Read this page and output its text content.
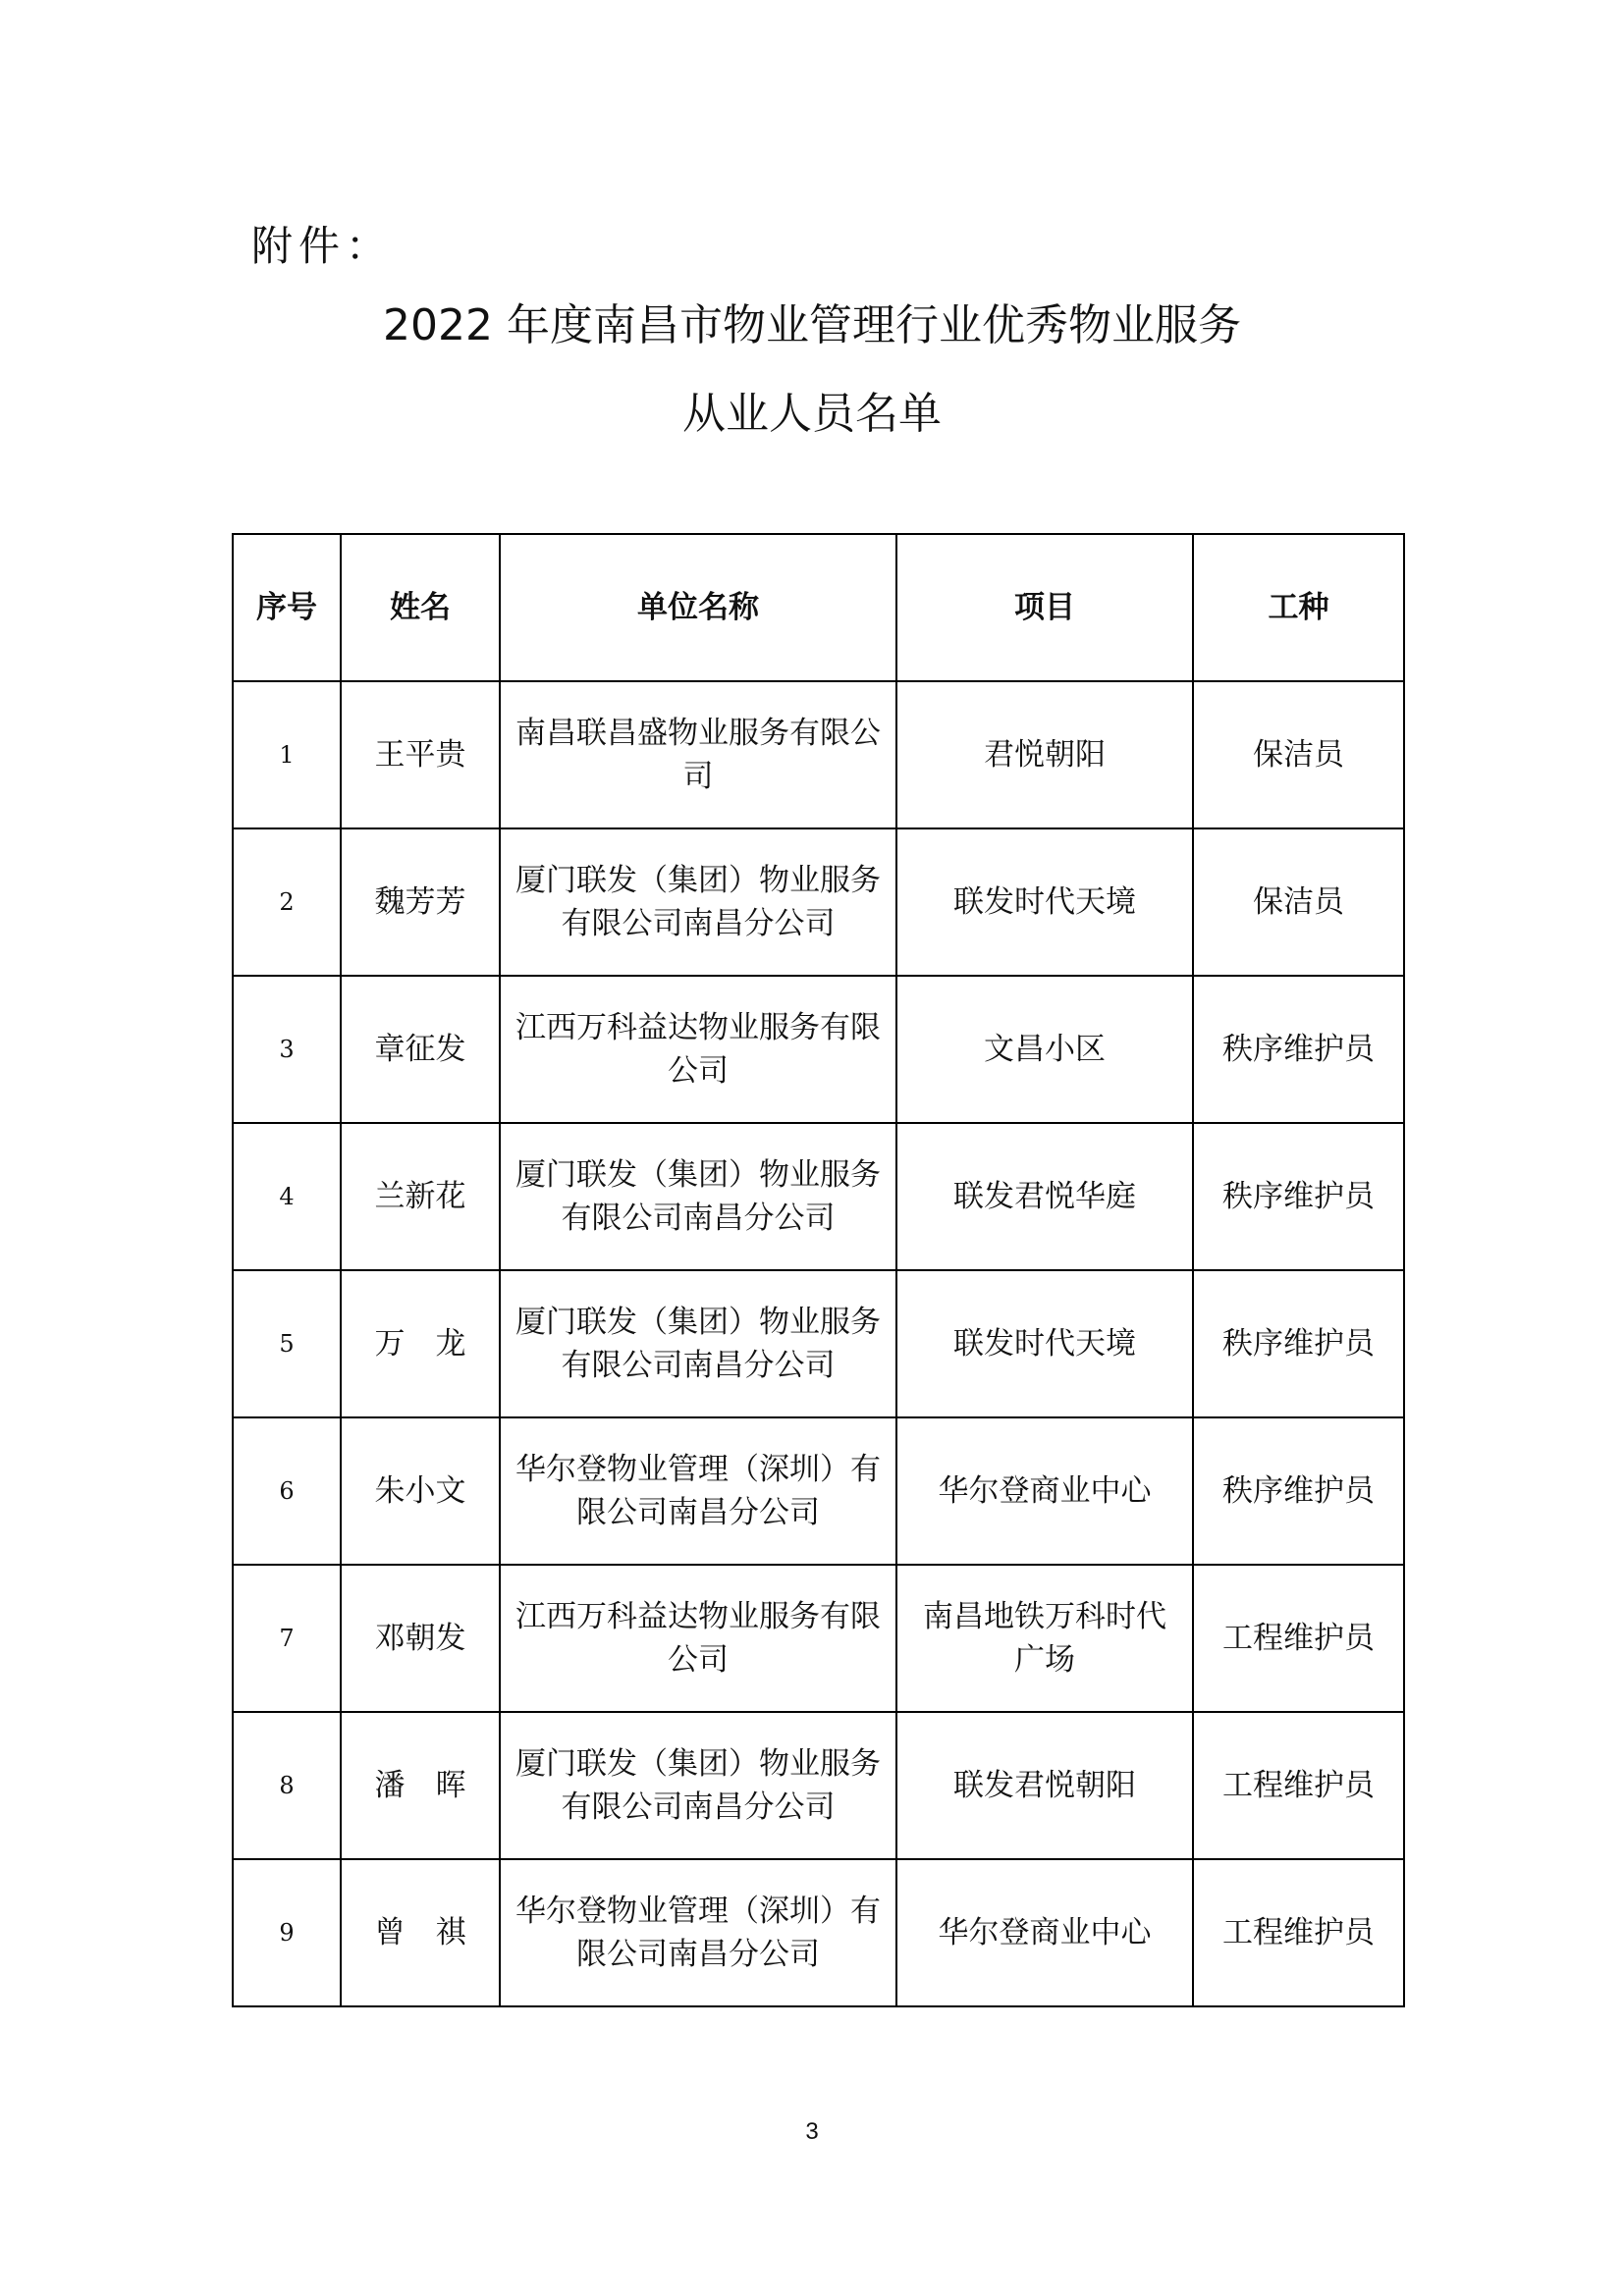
附件：
2022 年度南昌市物业管理行业优秀物业服务
从业人员名单
序号	姓名	单位名称	项目	工种
1	王平贵	南昌联昌盛物业服务有限公司	君悦朝阳	保洁员
2	魏芳芳	厦门联发（集团）物业服务有限公司南昌分公司	联发时代天境	保洁员
3	章征发	江西万科益达物业服务有限公司	文昌小区	秩序维护员
4	兰新花	厦门联发（集团）物业服务有限公司南昌分公司	联发君悦华庭	秩序维护员
5	万　龙	厦门联发（集团）物业服务有限公司南昌分公司	联发时代天境	秩序维护员
6	朱小文	华尔登物业管理（深圳）有限公司南昌分公司	华尔登商业中心	秩序维护员
7	邓朝发	江西万科益达物业服务有限公司	南昌地铁万科时代广场	工程维护员
8	潘　晖	厦门联发（集团）物业服务有限公司南昌分公司	联发君悦朝阳	工程维护员
9	曾　祺	华尔登物业管理（深圳）有限公司南昌分公司	华尔登商业中心	工程维护员
3
